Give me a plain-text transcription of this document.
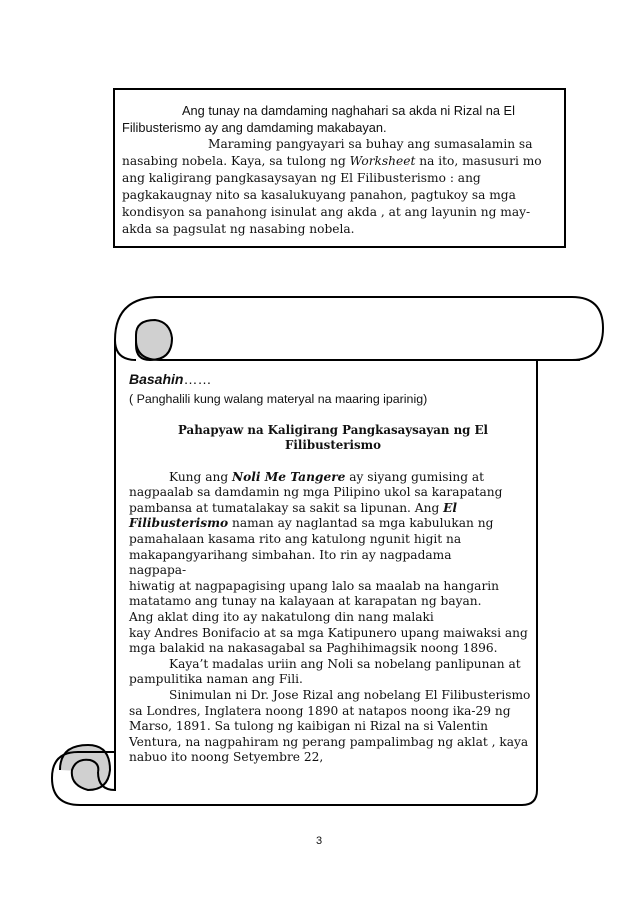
Ang tunay na damdaming naghahari sa akda ni Rizal na El Filibusterismo ay ang damdaming makabayan.

Maraming pangyayari sa buhay ang sumasalamin sa nasabing nobela. Kaya, sa tulong ng Worksheet na ito, masusuri mo ang kaligirang pangkasaysayan ng El Filibusterismo : ang pagkakaugnay nito sa kasalukuyang panahon, pagtukoy sa mga kondisyon sa panahong isinulat ang akda , at ang layunin ng may-akda sa pagsulat ng nasabing nobela.

Basahin……

( Panghalili kung walang materyal na maaring iparinig)

Pahapyaw na Kaligirang Pangkasaysayan ng El Filibusterismo

Kung ang Noli Me Tangere ay siyang gumising at nagpaalab sa damdamin ng mga Pilipino ukol sa karapatang pambansa at tumatalakay sa sakit sa lipunan. Ang El Filibusterismo naman ay naglantad sa mga kabulukan ng pamahalaan kasama rito ang katulong ngunit higit na makapangyarihang simbahan. Ito rin ay nagpadama

nagpapa-

hiwatig at nagpapagising upang lalo sa maalab na hangarin matatamo ang tunay na kalayaan at karapatan ng bayan.

Ang aklat ding ito ay nakatulong din nang malaki

kay Andres Bonifacio at sa mga Katipunero upang maiwaksi ang mga balakid na nakasagabal sa Paghihimagsik noong 1896.

Kaya’t madalas uriin ang Noli sa nobelang panlipunan at pampulitika naman ang Fili.

Sinimulan ni Dr. Jose Rizal ang nobelang El Filibusterismo sa Londres, Inglatera noong 1890 at natapos noong ika-29 ng Marso, 1891. Sa tulong ng kaibigan ni Rizal na si Valentin Ventura, na nagpahiram ng perang pampalimbag ng aklat , kaya nabuo ito noong Setyembre 22,

3
